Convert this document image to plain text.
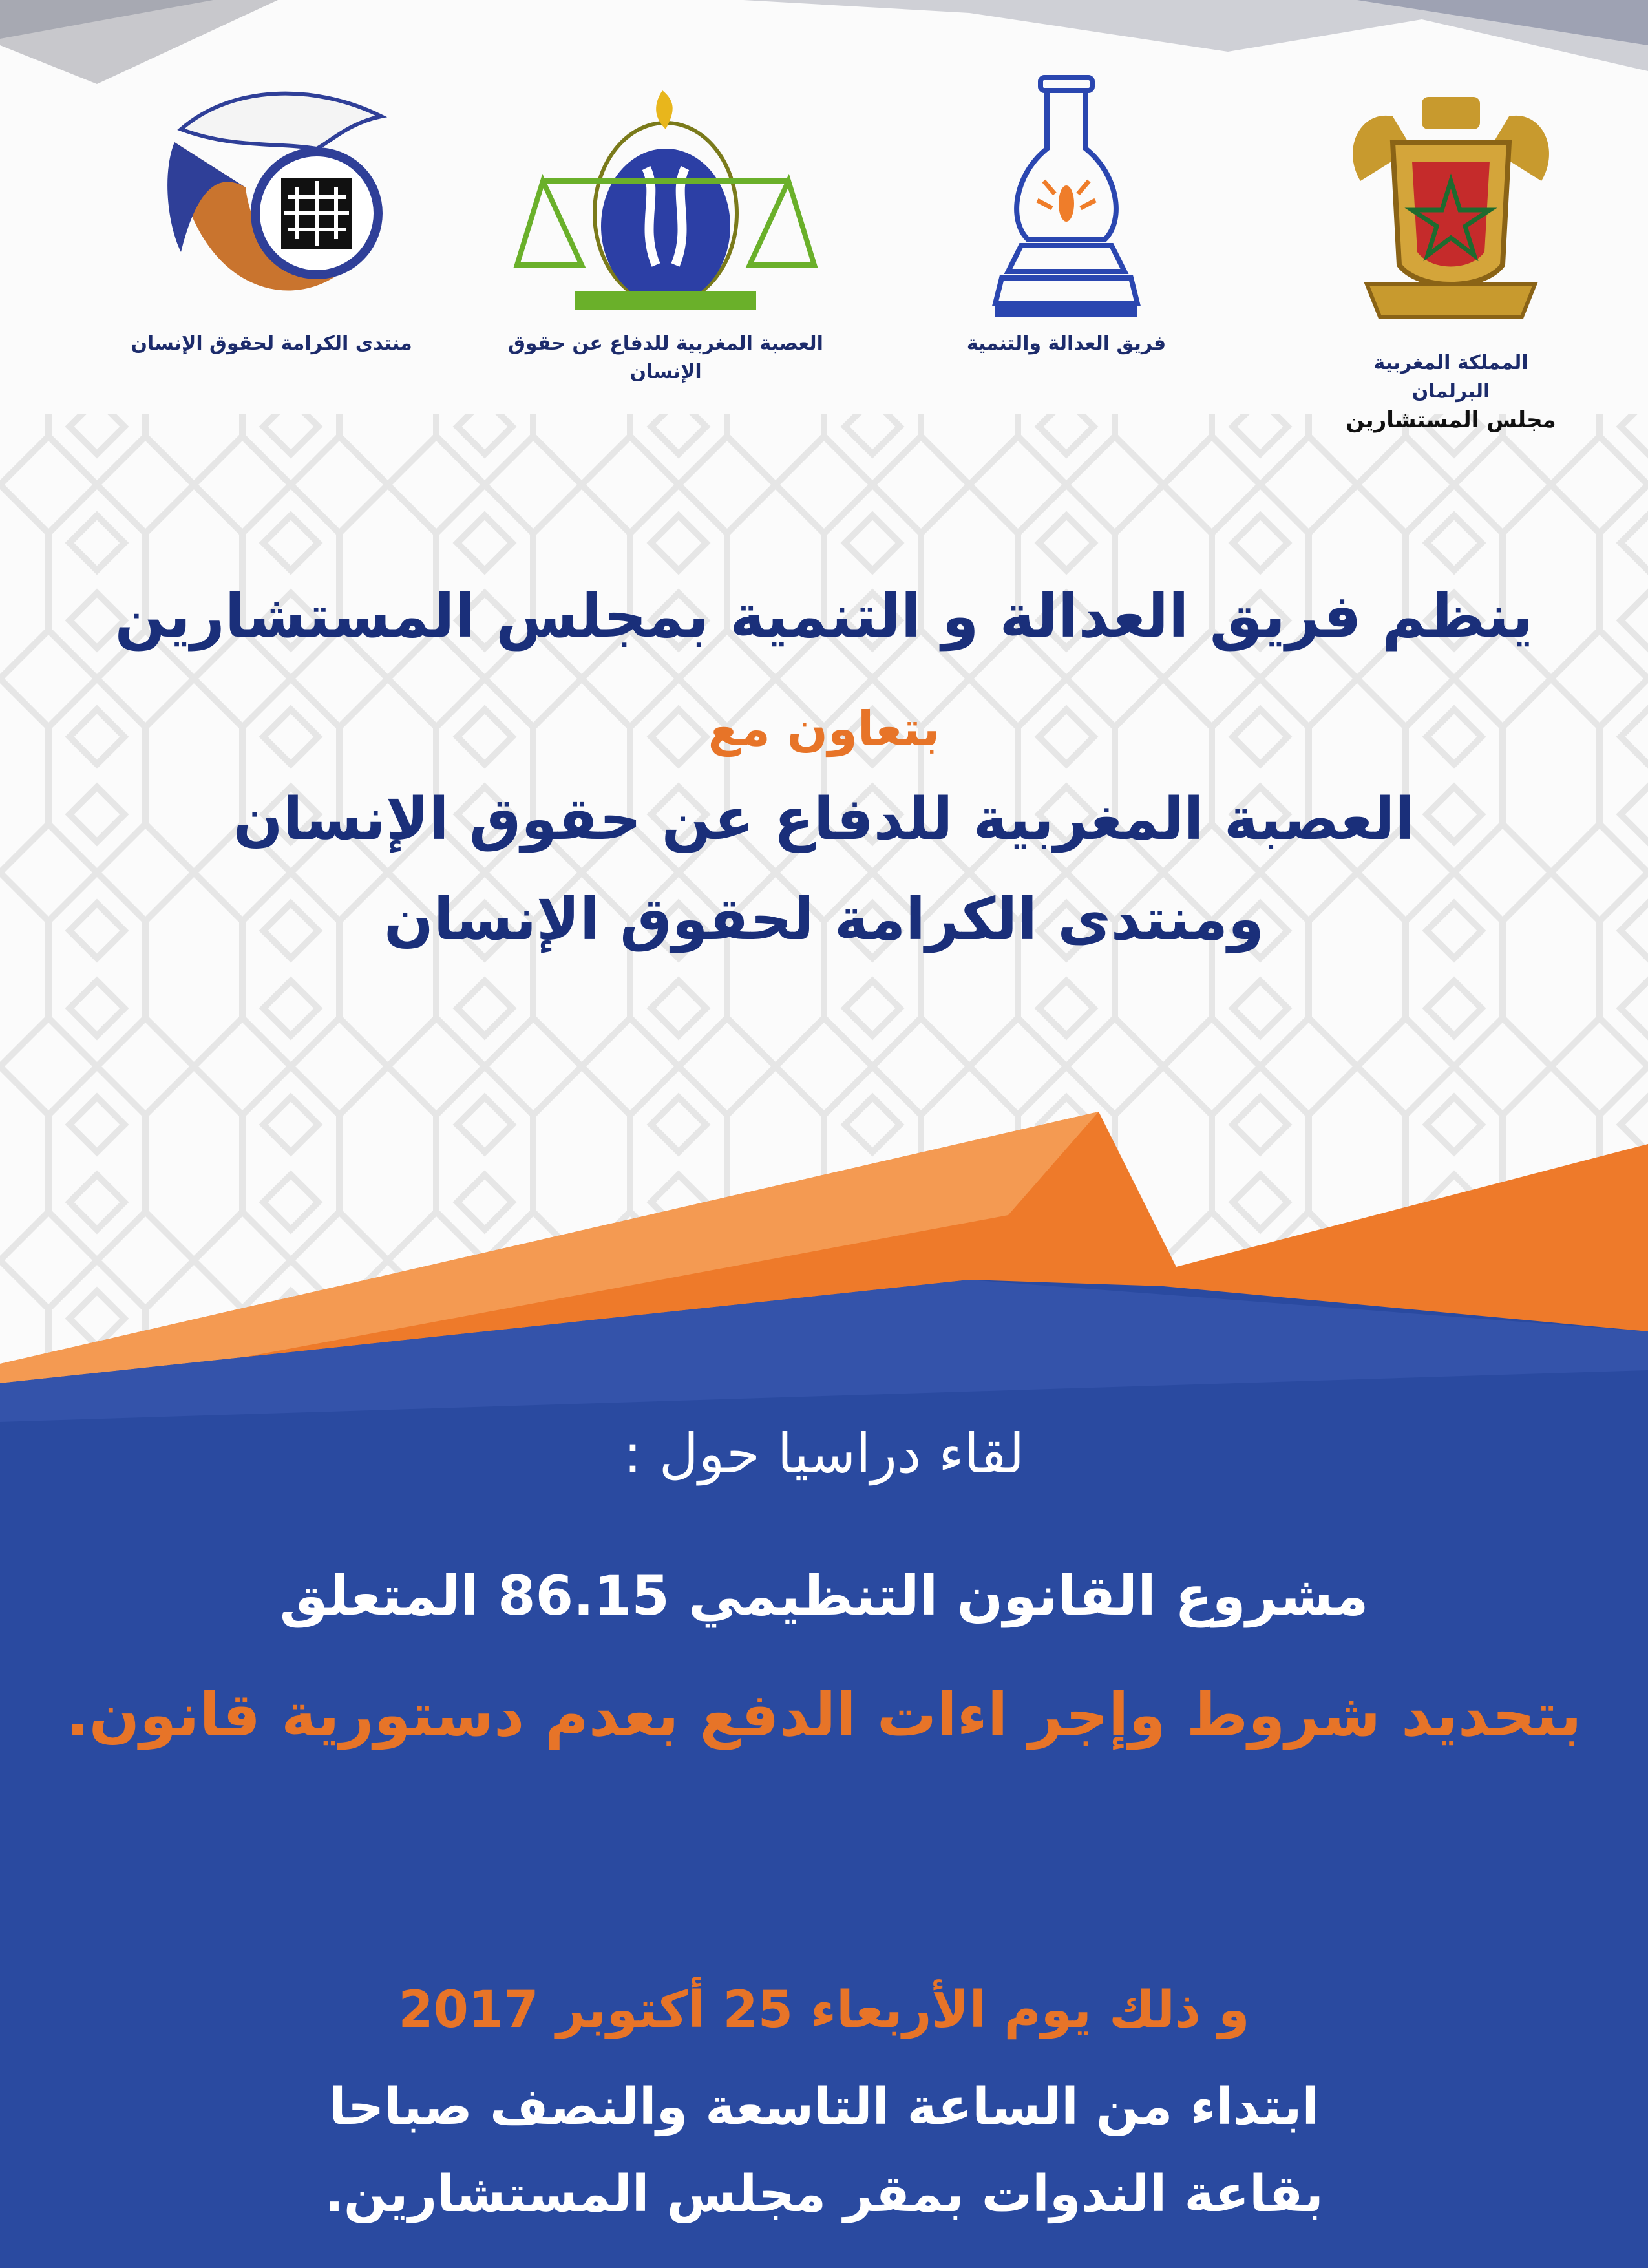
المملكة المغربية
البرلمان
مجلس المستشارين
فريق العدالة والتنمية
العصبة المغربية للدفاع عن حقوق الإنسان
منتدى الكرامة لحقوق الإنسان
ينظم فريق العدالة و التنمية بمجلس المستشارين
بتعاون مع
العصبة المغربية للدفاع عن حقوق الإنسان
ومنتدى الكرامة لحقوق الإنسان
لقاء دراسيا حول :
مشروع القانون التنظيمي 86.15 المتعلق
بتحديد شروط وإجر اءات الدفع بعدم دستورية قانون.
و ذلك يوم الأربعاء 25 أكتوبر 2017
ابتداء من الساعة التاسعة والنصف صباحا
بقاعة الندوات بمقر مجلس المستشارين.
